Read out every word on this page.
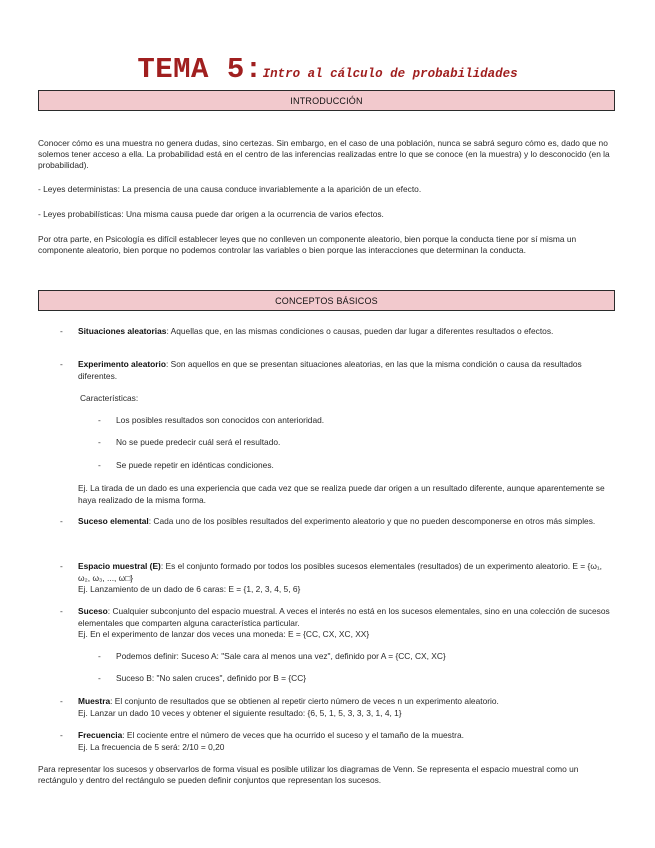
TEMA 5:Intro al cálculo de probabilidades
INTRODUCCIÓN
Conocer cómo es una muestra no genera dudas, sino certezas. Sin embargo, en el caso de una población, nunca se sabrá seguro cómo es, dado que no solemos tener acceso a ella. La probabilidad está en el centro de las inferencias realizadas entre lo que se conoce (en la muestra) y lo desconocido (en la probabilidad).
- Leyes deterministas: La presencia de una causa conduce invariablemente a la aparición de un efecto.
- Leyes probabilísticas: Una misma causa puede dar origen a la ocurrencia de varios efectos.
Por otra parte, en Psicología es difícil establecer leyes que no conlleven un componente aleatorio, bien porque la conducta tiene por sí misma un componente aleatorio, bien porque no podemos controlar las variables o bien porque las interacciones que determinan la conducta.
CONCEPTOS BÁSICOS
- Situaciones aleatorias: Aquellas que, en las mismas condiciones o causas, pueden dar lugar a diferentes resultados o efectos.
- Experimento aleatorio: Son aquellos en que se presentan situaciones aleatorias, en las que la misma condición o causa da resultados diferentes.
Características:
- Los posibles resultados son conocidos con anterioridad.
- No se puede predecir cuál será el resultado.
- Se puede repetir en idénticas condiciones.
Ej. La tirada de un dado es una experiencia que cada vez que se realiza puede dar origen a un resultado diferente, aunque aparentemente se haya realizado de la misma forma.
- Suceso elemental: Cada uno de los posibles resultados del experimento aleatorio y que no pueden descomponerse en otros más simples.
- Espacio muestral (E): Es el conjunto formado por todos los posibles sucesos elementales (resultados) de un experimento aleatorio. E = {ω₁, ω₂, ω₃, ..., ω□}
Ej. Lanzamiento de un dado de 6 caras: E = {1, 2, 3, 4, 5, 6}
- Suceso: Cualquier subconjunto del espacio muestral. A veces el interés no está en los sucesos elementales, sino en una colección de sucesos elementales que comparten alguna característica particular.
Ej. En el experimento de lanzar dos veces una moneda: E = {CC, CX, XC, XX}
- Podemos definir: Suceso A: "Sale cara al menos una vez", definido por A = {CC, CX, XC}
- Suceso B: "No salen cruces", definido por B = {CC}
- Muestra: El conjunto de resultados que se obtienen al repetir cierto número de veces n un experimento aleatorio.
Ej. Lanzar un dado 10 veces y obtener el siguiente resultado: {6, 5, 1, 5, 3, 3, 3, 1, 4, 1}
- Frecuencia: El cociente entre el número de veces que ha ocurrido el suceso y el tamaño de la muestra.
Ej. La frecuencia de 5 será: 2/10 = 0,20
Para representar los sucesos y observarlos de forma visual es posible utilizar los diagramas de Venn. Se representa el espacio muestral como un rectángulo y dentro del rectángulo se pueden definir conjuntos que representan los sucesos.
